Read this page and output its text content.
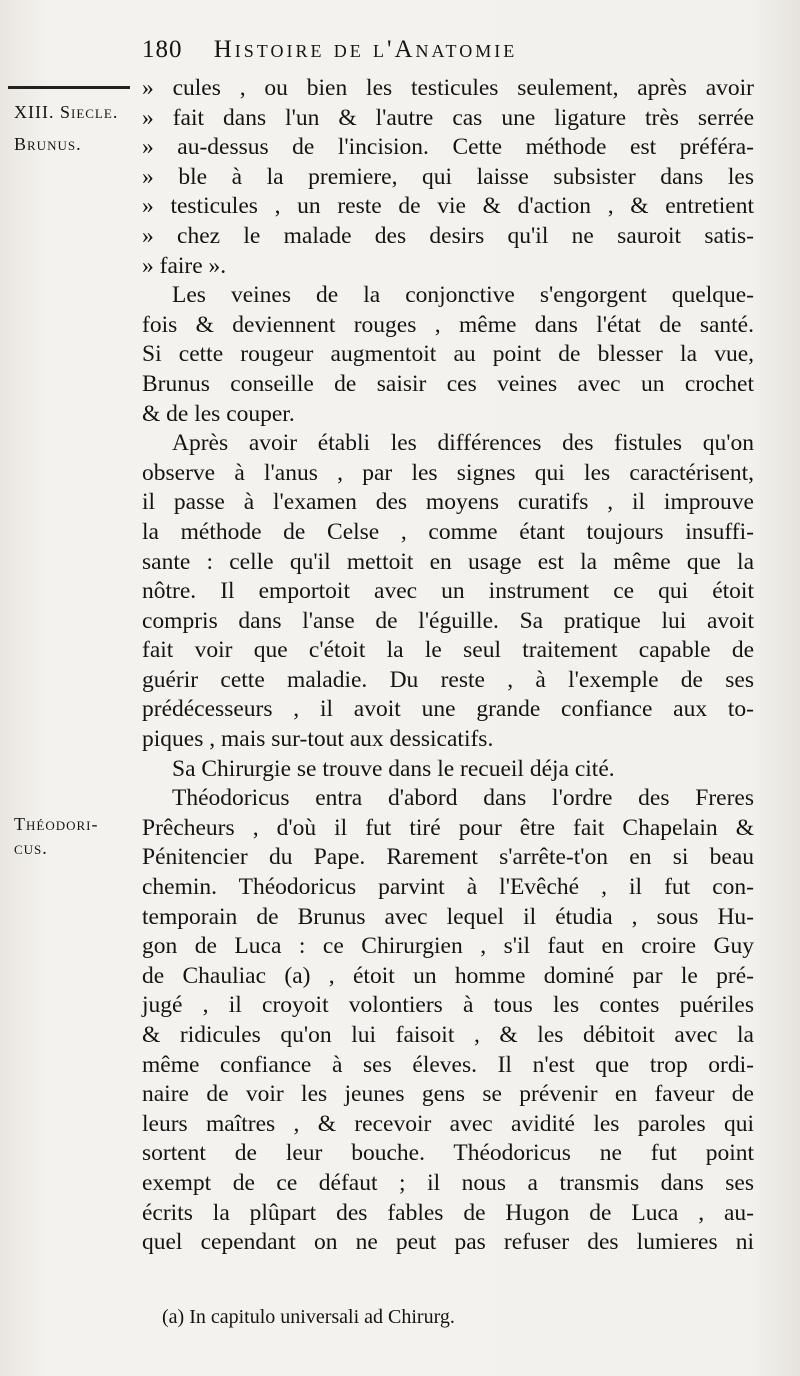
180 Histoire de l'Anatomie
XIII. Siecle.
Brunus.
Théodori-
cus.
» cules , ou bien les testicules seulement, après avoir
» fait dans l'un & l'autre cas une ligature très serrée
» au-dessus de l'incision. Cette méthode est préféra-
» ble à la premiere, qui laisse subsister dans les
» testicules , un reste de vie & d'action , & entretient
» chez le malade des desirs qu'il ne sauroit satis-
» faire ».
Les veines de la conjonctive s'engorgent quelque-
fois & deviennent rouges , même dans l'état de santé.
Si cette rougeur augmentoit au point de blesser la vue,
Brunus conseille de saisir ces veines avec un crochet
& de les couper.
Après avoir établi les différences des fistules qu'on
observe à l'anus , par les signes qui les caractérisent,
il passe à l'examen des moyens curatifs , il improuve
la méthode de Celse , comme étant toujours insuffi-
sante : celle qu'il mettoit en usage est la même que la
nôtre. Il emportoit avec un instrument ce qui étoit
compris dans l'anse de l'éguille. Sa pratique lui avoit
fait voir que c'étoit la le seul traitement capable de
guérir cette maladie. Du reste , à l'exemple de ses
prédécesseurs , il avoit une grande confiance aux to-
piques , mais sur-tout aux dessicatifs.
Sa Chirurgie se trouve dans le recueil déja cité.
Théodoricus entra d'abord dans l'ordre des Freres
Prêcheurs , d'où il fut tiré pour être fait Chapelain &
Pénitencier du Pape. Rarement s'arrête-t'on en si beau
chemin. Théodoricus parvint à l'Evêché , il fut con-
temporain de Brunus avec lequel il étudia , sous Hu-
gon de Luca : ce Chirurgien , s'il faut en croire Guy
de Chauliac (a) , étoit un homme dominé par le pré-
jugé , il croyoit volontiers à tous les contes puériles
& ridicules qu'on lui faisoit , & les débitoit avec la
même confiance à ses éleves. Il n'est que trop ordi-
naire de voir les jeunes gens se prévenir en faveur de
leurs maîtres , & recevoir avec avidité les paroles qui
sortent de leur bouche. Théodoricus ne fut point
exempt de ce défaut ; il nous a transmis dans ses
écrits la plûpart des fables de Hugon de Luca , au-
quel cependant on ne peut pas refuser des lumieres ni
(a) In capitulo universali ad Chirurg.
